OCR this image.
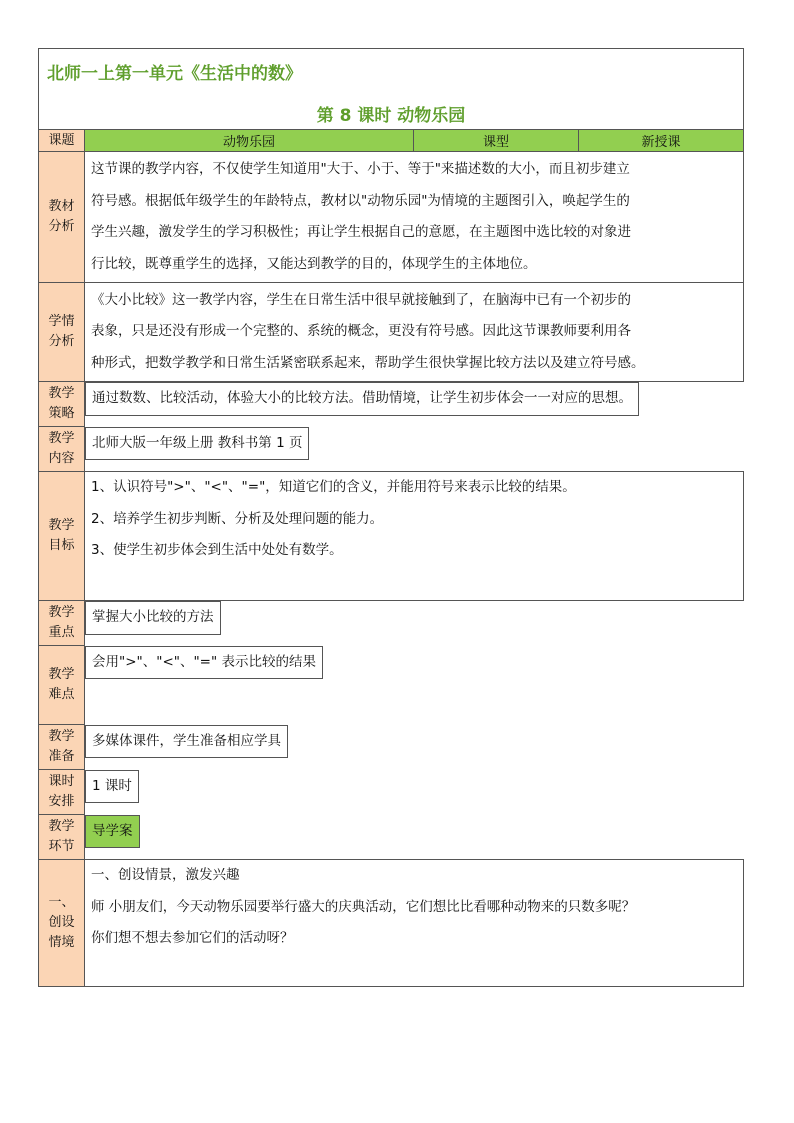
北师一上第一单元《生活中的数》
第 8 课时 动物乐园			

课题	动物乐园	课型	新授课

教材
分析	这节课的教学内容，不仅使学生知道用"大于、小于、等于"来描述数的大小，而且初步建立
符号感。根据低年级学生的年龄特点，教材以"动物乐园"为情境的主题图引入，唤起学生的
学生兴趣，激发学生的学习积极性；再让学生根据自己的意愿，在主题图中选比较的对象进
行比较，既尊重学生的选择，又能达到教学的目的，体现学生的主体地位。		

学情
分析	《大小比较》这一教学内容，学生在日常生活中很早就接触到了，在脑海中已有一个初步的
表象，只是还没有形成一个完整的、系统的概念，更没有符号感。因此这节课教师要利用各
种形式，把数学教学和日常生活紧密联系起来，帮助学生很快掌握比较方法以及建立符号感。		

教学
策略
	通过数数、比较活动，体验大小的比较方法。借助情境，让学生初步体会一一对应的思想。

教学
内容
	北师大版一年级上册 教科书第 1 页

教学
目标	1、认识符号">"、"<"、"="，知道它们的含义，并能用符号来表示比较的结果。
2、培养学生初步判断、分析及处理问题的能力。
3、使学生初步体会到生活中处处有数学。		

教学
重点
	掌握大小比较的方法

教学
难点
	会用">"、"<"、"=" 表示比较的结果

教学
准备
	多媒体课件，学生准备相应学具

课时
安排
	1 课时

教学
环节
	导学案

一、
创设
情境	一、创设情景，激发兴趣
师 小朋友们，今天动物乐园要举行盛大的庆典活动，它们想比比看哪种动物来的只数多呢？
你们想不想去参加它们的活动呀？		
